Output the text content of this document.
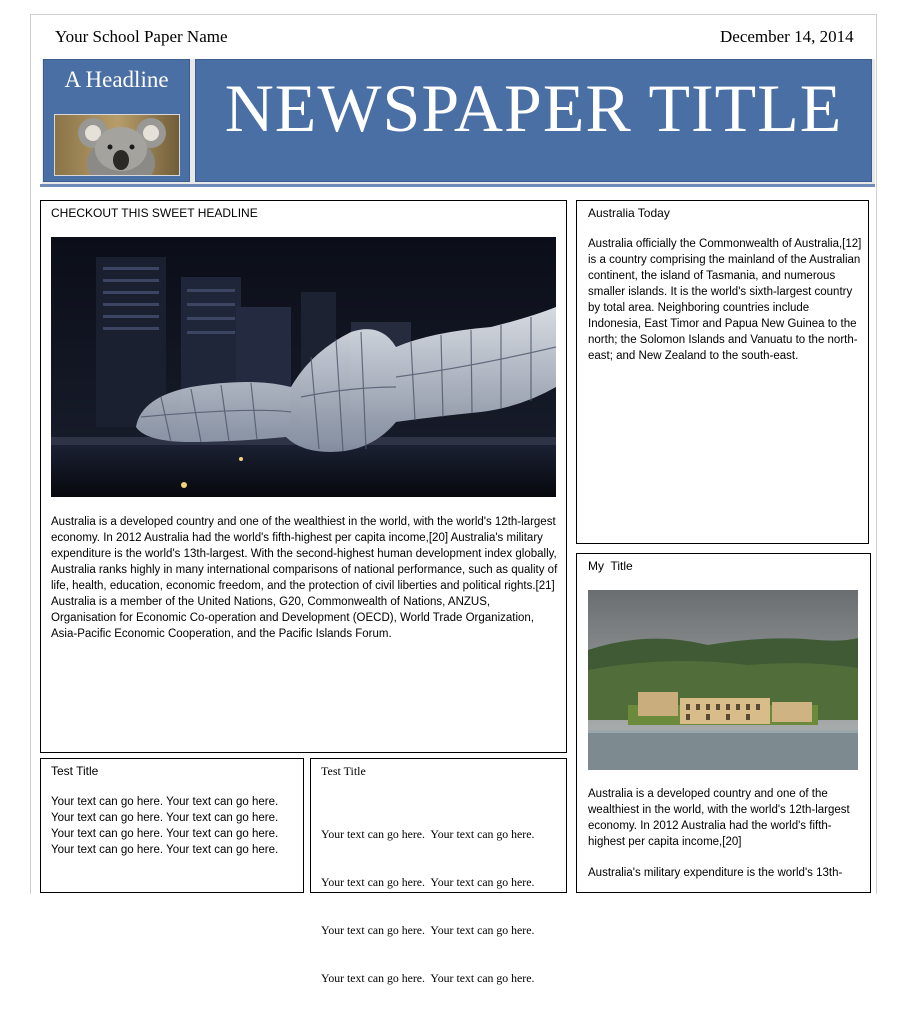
Your School Paper Name	December 14, 2014
A Headline NEWSPAPER TITLE
CHECKOUT THIS SWEET HEADLINE
Australia is a developed country and one of the wealthiest in the world, with the world's 12th-largest economy. In 2012 Australia had the world's fifth-highest per capita income,[20] Australia's military expenditure is the world's 13th-largest. With the second-highest human development index globally, Australia ranks highly in many international comparisons of national performance, such as quality of life, health, education, economic freedom, and the protection of civil liberties and political rights.[21] Australia is a member of the United Nations, G20, Commonwealth of Nations, ANZUS, Organisation for Economic Co-operation and Development (OECD), World Trade Organization, Asia-Pacific Economic Cooperation, and the Pacific Islands Forum.
Australia Today
Australia officially the Commonwealth of Australia,[12] is a country comprising the mainland of the Australian continent, the island of Tasmania, and numerous smaller islands. It is the world's sixth-largest country by total area. Neighboring countries include Indonesia, East Timor and Papua New Guinea to the north; the Solomon Islands and Vanuatu to the north-east; and New Zealand to the south-east.
My  Title
Australia is a developed country and one of the wealthiest in the world, with the world's 12th-largest economy. In 2012 Australia had the world's fifth-highest per capita income,[20]
Australia's military expenditure is the world's 13th-
Test Title
Your text can go here. Your text can go here.
Your text can go here. Your text can go here.
Your text can go here. Your text can go here.
Your text can go here. Your text can go here.
Test Title

Your text can go here.  Your text can go here.

Your text can go here.  Your text can go here.

Your text can go here.  Your text can go here.

Your text can go here.  Your text can go here.
